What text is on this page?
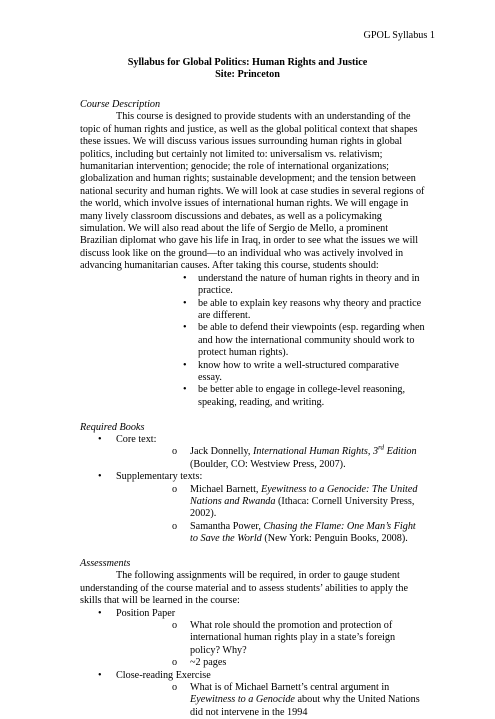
GPOL Syllabus 1
Syllabus for Global Politics: Human Rights and Justice
Site: Princeton
Course Description

This course is designed to provide students with an understanding of the topic of human rights and justice, as well as the global political context that shapes these issues. We will discuss various issues surrounding human rights in global politics, including but certainly not limited to: universalism vs. relativism; humanitarian intervention; genocide; the role of international organizations; globalization and human rights; sustainable development; and the tension between national security and human rights. We will look at case studies in several regions of the world, which involve issues of international human rights. We will engage in many lively classroom discussions and debates, as well as a policymaking simulation. We will also read about the life of Sergio de Mello, a prominent Brazilian diplomat who gave his life in Iraq, in order to see what the issues we will discuss look like on the ground—to an individual who was actively involved in advancing humanitarian causes. After taking this course, students should:

• understand the nature of human rights in theory and in practice.
• be able to explain key reasons why theory and practice are different.
• be able to defend their viewpoints (esp. regarding when and how the international community should work to protect human rights).
• know how to write a well-structured comparative essay.
• be better able to engage in college-level reasoning, speaking, reading, and writing.
Required Books
• Core text:
o Jack Donnelly, International Human Rights, 3rd Edition (Boulder, CO: Westview Press, 2007).
• Supplementary texts:
o Michael Barnett, Eyewitness to a Genocide: The United Nations and Rwanda (Ithaca: Cornell University Press, 2002).
o Samantha Power, Chasing the Flame: One Man’s Fight to Save the World (New York: Penguin Books, 2008).
Assessments

The following assignments will be required, in order to gauge student understanding of the course material and to assess students’ abilities to apply the skills that will be learned in the course:

• Position Paper
o What role should the promotion and protection of international human rights play in a state’s foreign policy? Why?
o ~2 pages
• Close-reading Exercise
o What is of Michael Barnett’s central argument in Eyewitness to a Genocide about why the United Nations did not intervene in the 1994
